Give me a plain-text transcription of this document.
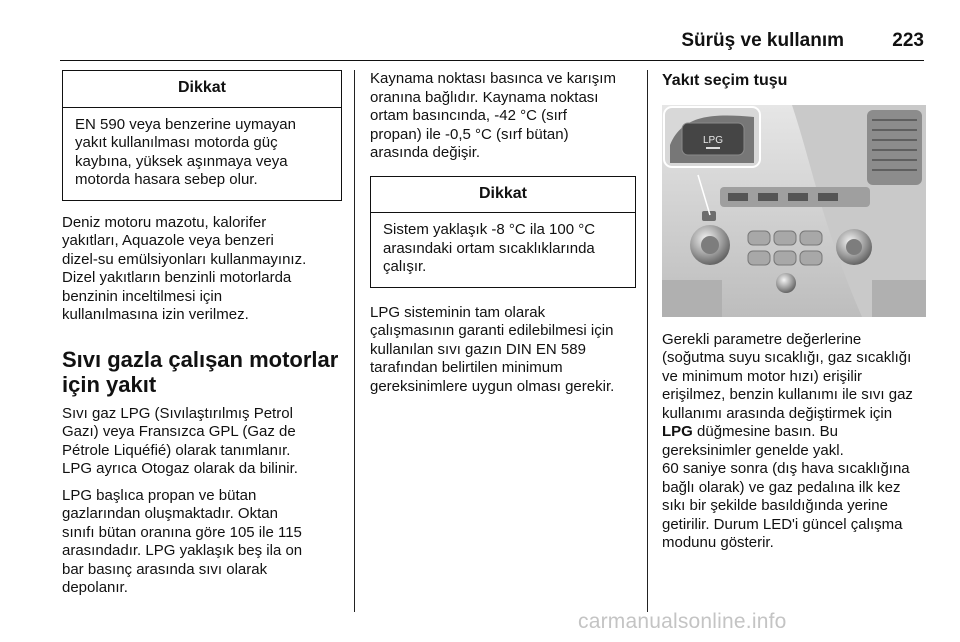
Sürüş ve kullanım	223
Dikkat
EN 590 veya benzerine uymayan
yakıt kullanılması motorda güç
kaybına, yüksek aşınmaya veya
motorda hasara sebep olur.

Deniz motoru mazotu, kalorifer
yakıtları, Aquazole veya benzeri
dizel-su emülsiyonları kullanmayınız.
Dizel yakıtların benzinli motorlarda
benzinin inceltilmesi için
kullanılmasına izin verilmez.

Sıvı gazla çalışan motorlar
için yakıt

Sıvı gaz LPG (Sıvılaştırılmış Petrol
Gazı) veya Fransızca GPL (Gaz de
Pétrole Liquéfié) olarak tanımlanır.
LPG ayrıca Otogaz olarak da bilinir.

LPG başlıca propan ve bütan
gazlarından oluşmaktadır. Oktan
sınıfı bütan oranına göre 105 ile 115
arasındadır. LPG yaklaşık beş ila on
bar basınç arasında sıvı olarak
depolanır.

Kaynama noktası basınca ve karışım
oranına bağlıdır. Kaynama noktası
ortam basıncında, -42 °C (sırf
propan) ile -0,5 °C (sırf bütan)
arasında değişir.

Dikkat
Sistem yaklaşık -8 °C ila 100 °C
arasındaki ortam sıcaklıklarında
çalışır.

LPG sisteminin tam olarak
çalışmasının garanti edilebilmesi için
kullanılan sıvı gazın DIN EN 589
tarafından belirtilen minimum
gereksinimlere uygun olması gerekir.

Yakıt seçim tuşu
LPG

Gerekli parametre değerlerine
(soğutma suyu sıcaklığı, gaz sıcaklığı
ve minimum motor hızı) erişilir
erişilmez, benzin kullanımı ile sıvı gaz
kullanımı arasında değiştirmek için
LPG düğmesine basın. Bu
gereksinimler genelde yakl.
60 saniye sonra (dış hava sıcaklığına
bağlı olarak) ve gaz pedalına ilk kez
sıkı bir şekilde basıldığında yerine
getirilir. Durum LED'i güncel çalışma
modunu gösterir.

carmanualsonline.info
